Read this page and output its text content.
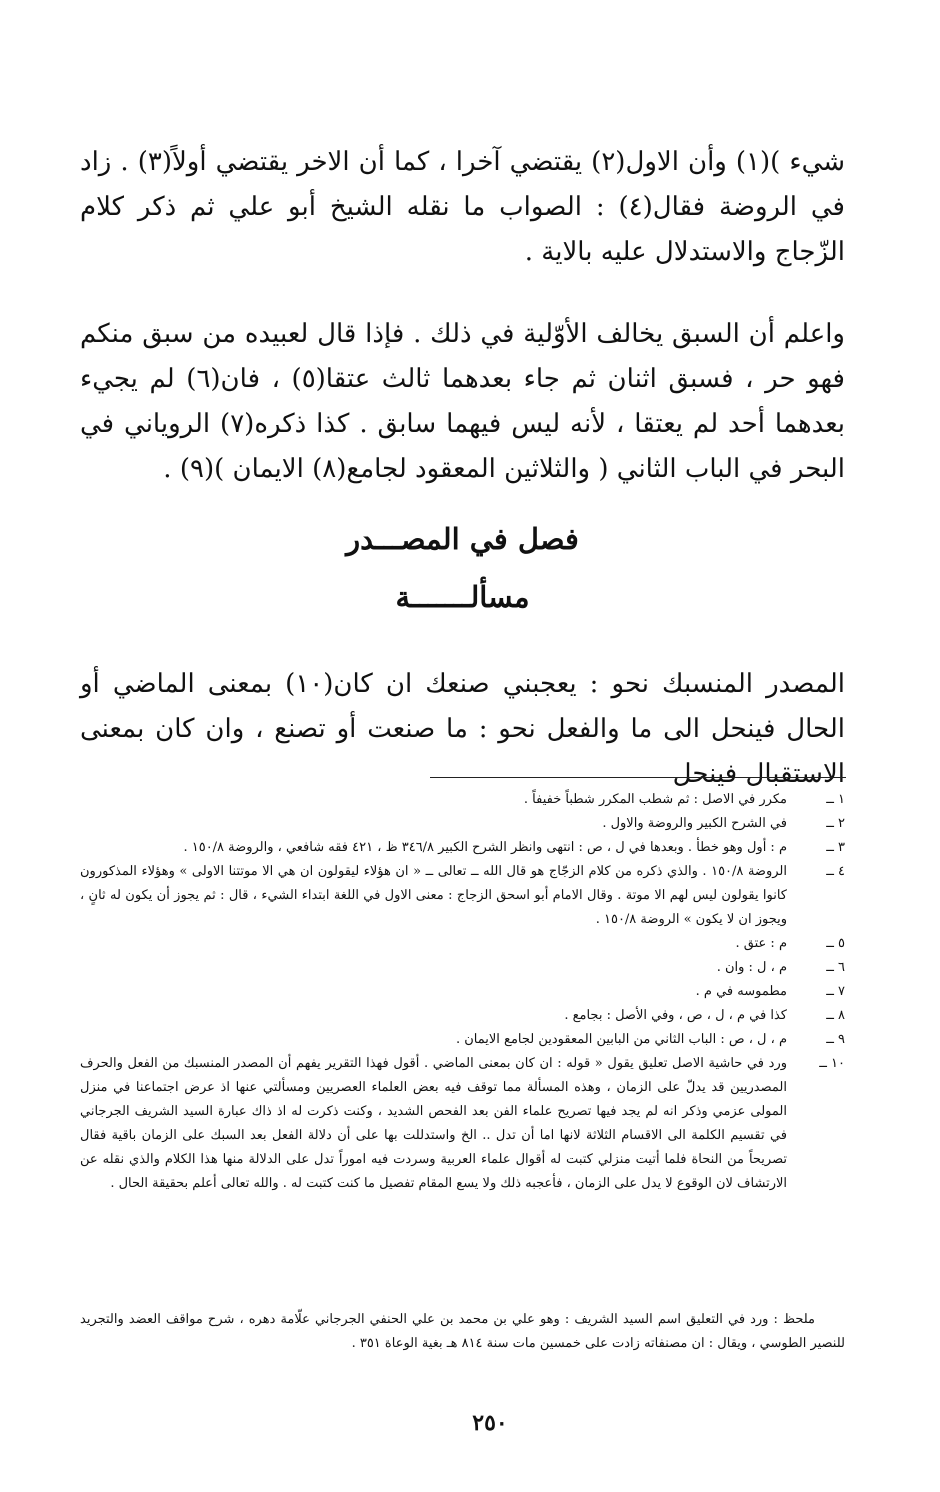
شيء )(١) وأن الاول(٢) يقتضي آخرا ، كما أن الاخر يقتضي أولاً(٣) . زاد في الروضة فقال(٤) : الصواب ما نقله الشيخ أبو علي ثم ذكر كلام الزّجاج والاستدلال عليه بالاية .

واعلم أن السبق يخالف الأوّلية في ذلك . فإذا قال لعبيده من سبق منكم فهو حر ، فسبق اثنان ثم جاء بعدهما ثالث عتقا(٥) ، فان(٦) لم يجيء بعدهما أحد لم يعتقا ، لأنه ليس فيهما سابق . كذا ذكره(٧) الروياني في البحر في الباب الثاني ( والثلاثين المعقود لجامع(٨) الايمان )(٩) .

فصل في المصـــدر
مسألـــــــة

المصدر المنسبك نحو : يعجبني صنعك ان كان(١٠) بمعنى الماضي أو الحال فينحل الى ما والفعل نحو : ما صنعت أو تصنع ، وان كان بمعنى الاستقبال فينحل

١ ــ
مكرر في الاصل : ثم شطب المكرر شطباً خفيفاً .
٢ ــ
في الشرح الكبير والروضة والاول .
٣ ــ
م : أول وهو خطأ . وبعدها في ل ، ص : انتهى وانظر الشرح الكبير ٣٤٦/٨ ظ ، ٤٢١ فقه شافعي ، والروضة ١٥٠/٨ .
٤ ــ
الروضة ١٥٠/٨ . والذي ذكره من كلام الزجّاج هو قال الله ــ تعالى ــ « ان هؤلاء ليقولون ان هي الا موتتنا الاولى » وهؤلاء المذكورون كانوا يقولون ليس لهم الا موتة . وقال الامام أبو اسحق الزجاج : معنى الاول في اللغة ابتداء الشيء ، قال : ثم يجوز أن يكون له ثانٍ ، ويجوز ان لا يكون » الروضة ١٥٠/٨ .
٥ ــ
م : عتق .
٦ ــ
م ، ل : وان .
٧ ــ
مطموسه في م .
٨ ــ
كذا في م ، ل ، ص ، وفي الأصل : بجامع .
٩ ــ
م ، ل ، ص : الباب الثاني من البابين المعقودين لجامع الايمان .
١٠ ــ
ورد في حاشية الاصل تعليق يقول « قوله : ان كان بمعنى الماضي . أقول فهذا التقرير يفهم أن المصدر المنسبك من الفعل والحرف المصدريين قد يدلّ على الزمان ، وهذه المسألة مما توقف فيه بعض العلماء العصريين ومسألتي عنها اذ عرض اجتماعنا في منزل المولى عزمي وذكر انه لم يجد فيها تصريح علماء الفن بعد الفحص الشديد ، وكنت ذكرت له اذ ذاك عبارة السيد الشريف الجرجاني في تقسيم الكلمة الى الاقسام الثلاثة لانها اما أن تدل .. الخ واستدللت بها على أن دلالة الفعل بعد السبك على الزمان باقية فقال تصريحاً من النحاة فلما أتيت منزلي كتبت له أقوال علماء العربية وسردت فيه اموراً تدل على الدلالة منها هذا الكلام والذي نقله عن الارتشاف لان الوقوع لا يدل على الزمان ، فأعجبه ذلك ولا يسع المقام تفصيل ما كنت كتبت له . والله تعالى أعلم بحقيقة الحال .

ملحظ : ورد في التعليق اسم السيد الشريف : وهو علي بن محمد بن علي الحنفي الجرجاني علّامة دهره ، شرح مواقف العضد والتجريد للنصير الطوسي ، ويقال : ان مصنفاته زادت على خمسين مات سنة ٨١٤ هـ بغية الوعاة ٣٥١ .

٢٥٠
